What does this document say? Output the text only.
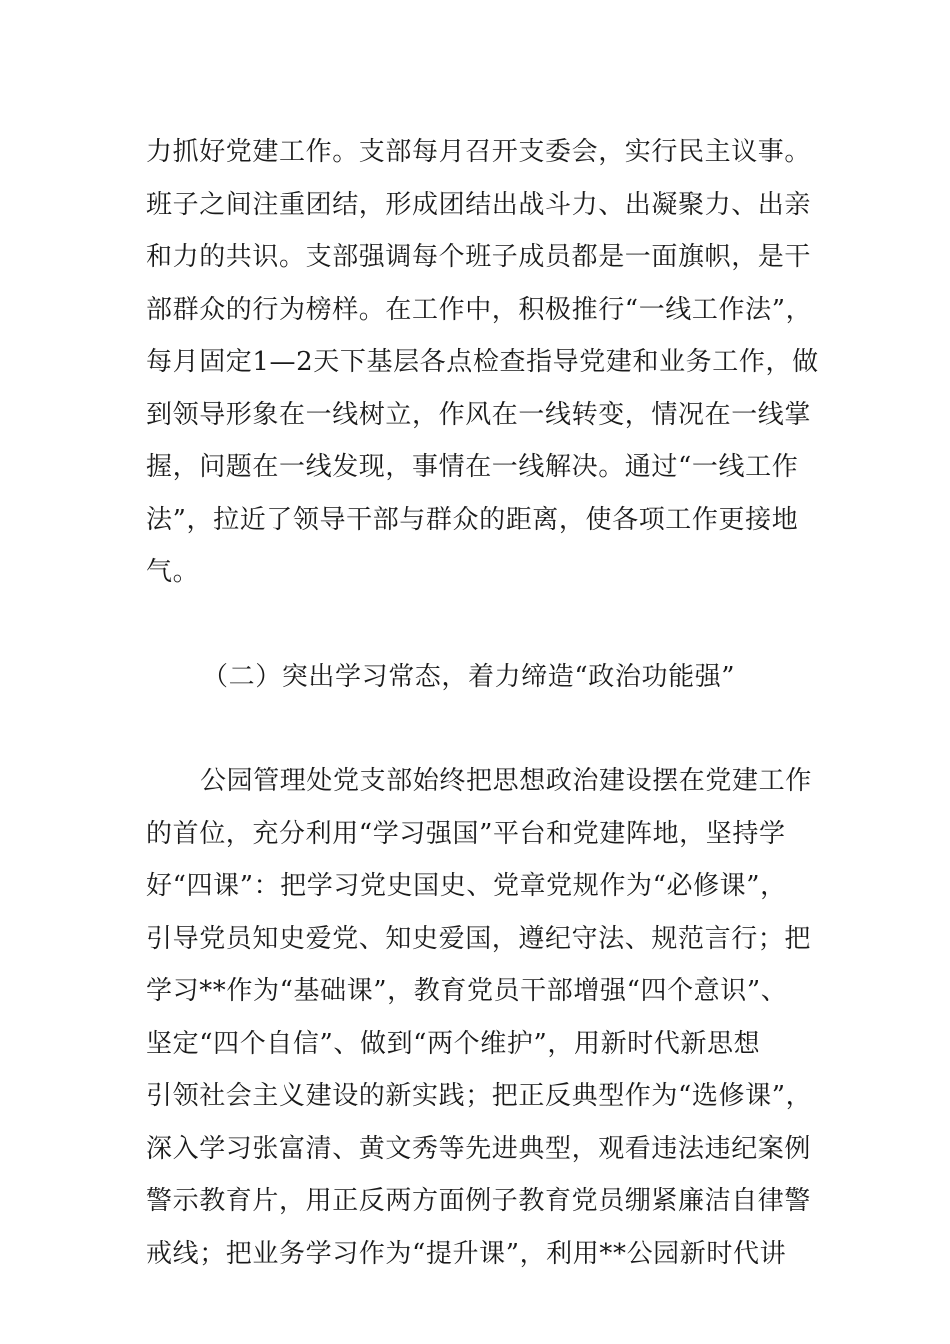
力抓好党建工作。支部每月召开支委会，实行民主议事。
班子之间注重团结，形成团结出战斗力、出凝聚力、出亲
和力的共识。支部强调每个班子成员都是一面旗帜，是干
部群众的行为榜样。在工作中，积极推行“一线工作法”，
每月固定1—2天下基层各点检查指导党建和业务工作，做
到领导形象在一线树立，作风在一线转变，情况在一线掌
握，问题在一线发现，事情在一线解决。通过“一线工作
法”，拉近了领导干部与群众的距离，使各项工作更接地
气。
（二）突出学习常态，着力缔造“政治功能强”
公园管理处党支部始终把思想政治建设摆在党建工作
的首位，充分利用“学习强国”平台和党建阵地，坚持学
好“四课”：把学习党史国史、党章党规作为“必修课”，
引导党员知史爱党、知史爱国，遵纪守法、规范言行；把
学习**作为“基础课”，教育党员干部增强“四个意识”、
坚定“四个自信”、做到“两个维护”，用新时代新思想
引领社会主义建设的新实践；把正反典型作为“选修课”，
深入学习张富清、黄文秀等先进典型，观看违法违纪案例
警示教育片，用正反两方面例子教育党员绷紧廉洁自律警
戒线；把业务学习作为“提升课”，利用**公园新时代讲
